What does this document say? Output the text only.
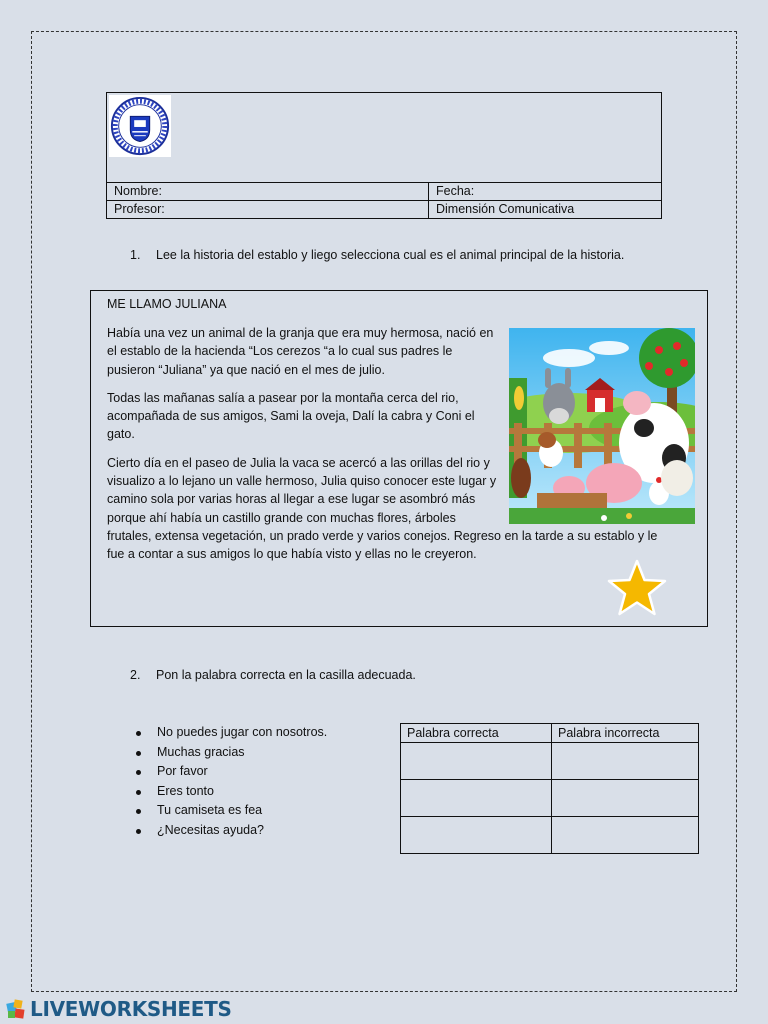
Nombre:	Fecha:
Profesor:	Dimensión Comunicativa
1. Lee la historia del establo y liego selecciona cual es el animal principal de la historia.
ME LLAMO JULIANA

Había una vez un animal de la granja que era muy hermosa, nació en el establo de la hacienda “Los cerezos “a lo cual sus padres le pusieron “Juliana” ya que nació en el mes de julio.

Todas las mañanas salía a pasear por la montaña cerca del rio, acompañada de sus amigos, Sami la oveja, Dalí la cabra y Coni el gato.

Cierto día en el paseo de Julia la vaca se acercó a las orillas del rio y visualizo a lo lejano un valle hermoso, Julia quiso conocer este lugar y camino sola por varias horas al llegar a ese lugar se asombró más porque ahí había un castillo grande con muchas flores, árboles

frutales, extensa vegetación, un prado verde y varios conejos. Regreso en la tarde a su establo y le fue a contar a sus amigos lo que había visto y ellas no le creyeron.

2. Pon la palabra correcta en la casilla adecuada.
No puedes jugar con nosotros.
Muchas gracias
Por favor
Eres tonto
Tu camiseta es fea
¿Necesitas ayuda?
Palabra correcta	Palabra incorrecta

LIVEWORKSHEETS
